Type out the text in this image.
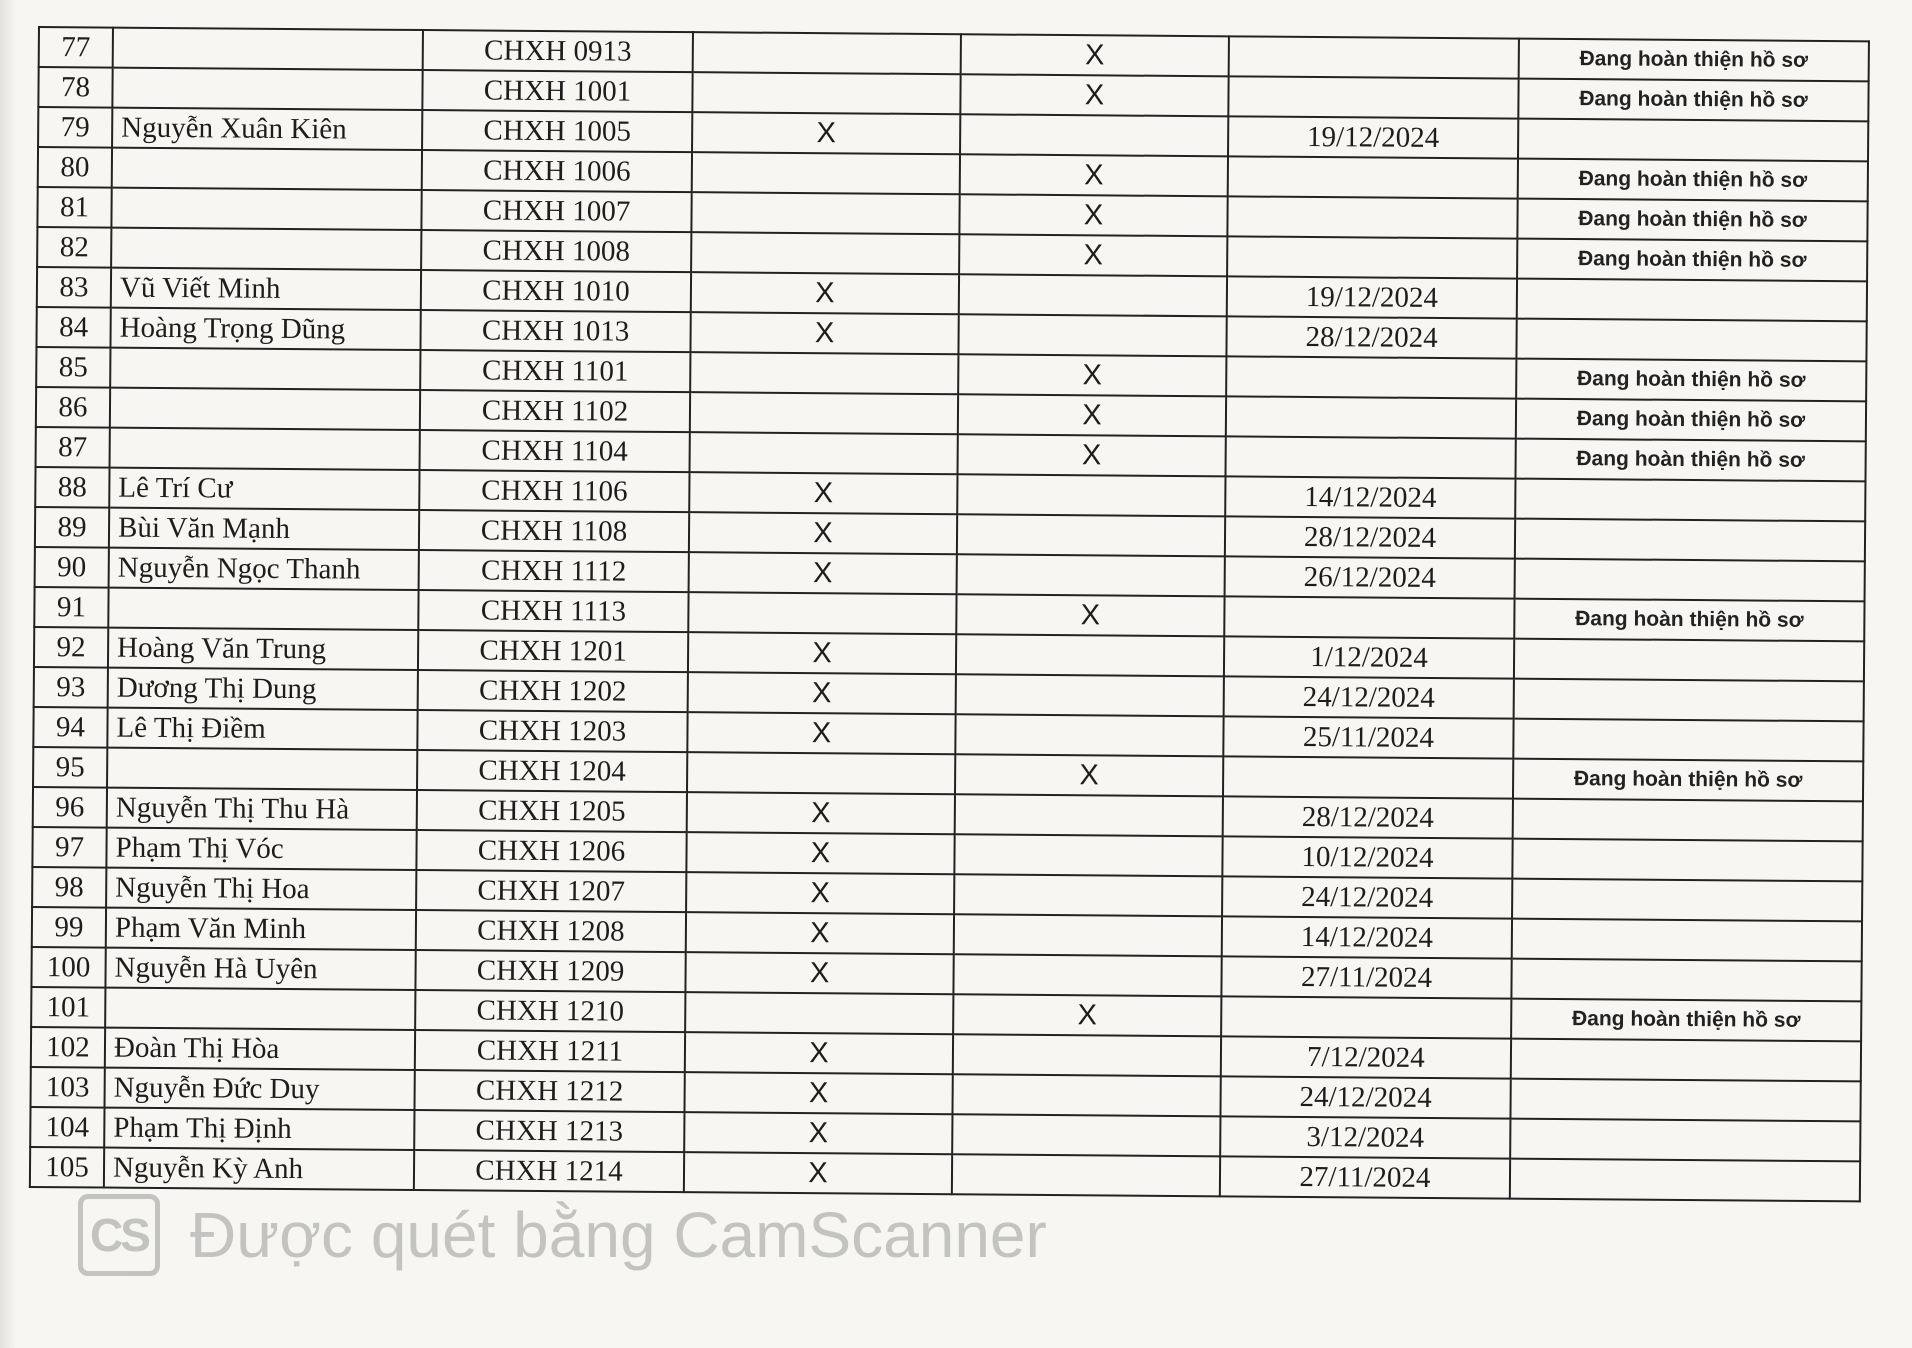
77		CHXH 0913		X		Đang hoàn thiện hồ sơ
78		CHXH 1001		X		Đang hoàn thiện hồ sơ
79	Nguyễn Xuân Kiên	CHXH 1005	X		19/12/2024	
80		CHXH 1006		X		Đang hoàn thiện hồ sơ
81		CHXH 1007		X		Đang hoàn thiện hồ sơ
82		CHXH 1008		X		Đang hoàn thiện hồ sơ
83	Vũ Viết Minh	CHXH 1010	X		19/12/2024	
84	Hoàng Trọng Dũng	CHXH 1013	X		28/12/2024	
85		CHXH 1101		X		Đang hoàn thiện hồ sơ
86		CHXH 1102		X		Đang hoàn thiện hồ sơ
87		CHXH 1104		X		Đang hoàn thiện hồ sơ
88	Lê Trí Cư	CHXH 1106	X		14/12/2024	
89	Bùi Văn Mạnh	CHXH 1108	X		28/12/2024	
90	Nguyễn Ngọc Thanh	CHXH 1112	X		26/12/2024	
91		CHXH 1113		X		Đang hoàn thiện hồ sơ
92	Hoàng Văn Trung	CHXH 1201	X		1/12/2024	
93	Dương Thị Dung	CHXH 1202	X		24/12/2024	
94	Lê Thị Điềm	CHXH 1203	X		25/11/2024	
95		CHXH 1204		X		Đang hoàn thiện hồ sơ
96	Nguyễn Thị Thu Hà	CHXH 1205	X		28/12/2024	
97	Phạm Thị Vóc	CHXH 1206	X		10/12/2024	
98	Nguyễn Thị Hoa	CHXH 1207	X		24/12/2024	
99	Phạm Văn Minh	CHXH 1208	X		14/12/2024	
100	Nguyễn Hà Uyên	CHXH 1209	X		27/11/2024	
101		CHXH 1210		X		Đang hoàn thiện hồ sơ
102	Đoàn Thị Hòa	CHXH 1211	X		7/12/2024	
103	Nguyễn Đức Duy	CHXH 1212	X		24/12/2024	
104	Phạm Thị Định	CHXH 1213	X		3/12/2024	
105	Nguyễn Kỳ Anh	CHXH 1214	X		27/11/2024	
CS Được quét bằng CamScanner
